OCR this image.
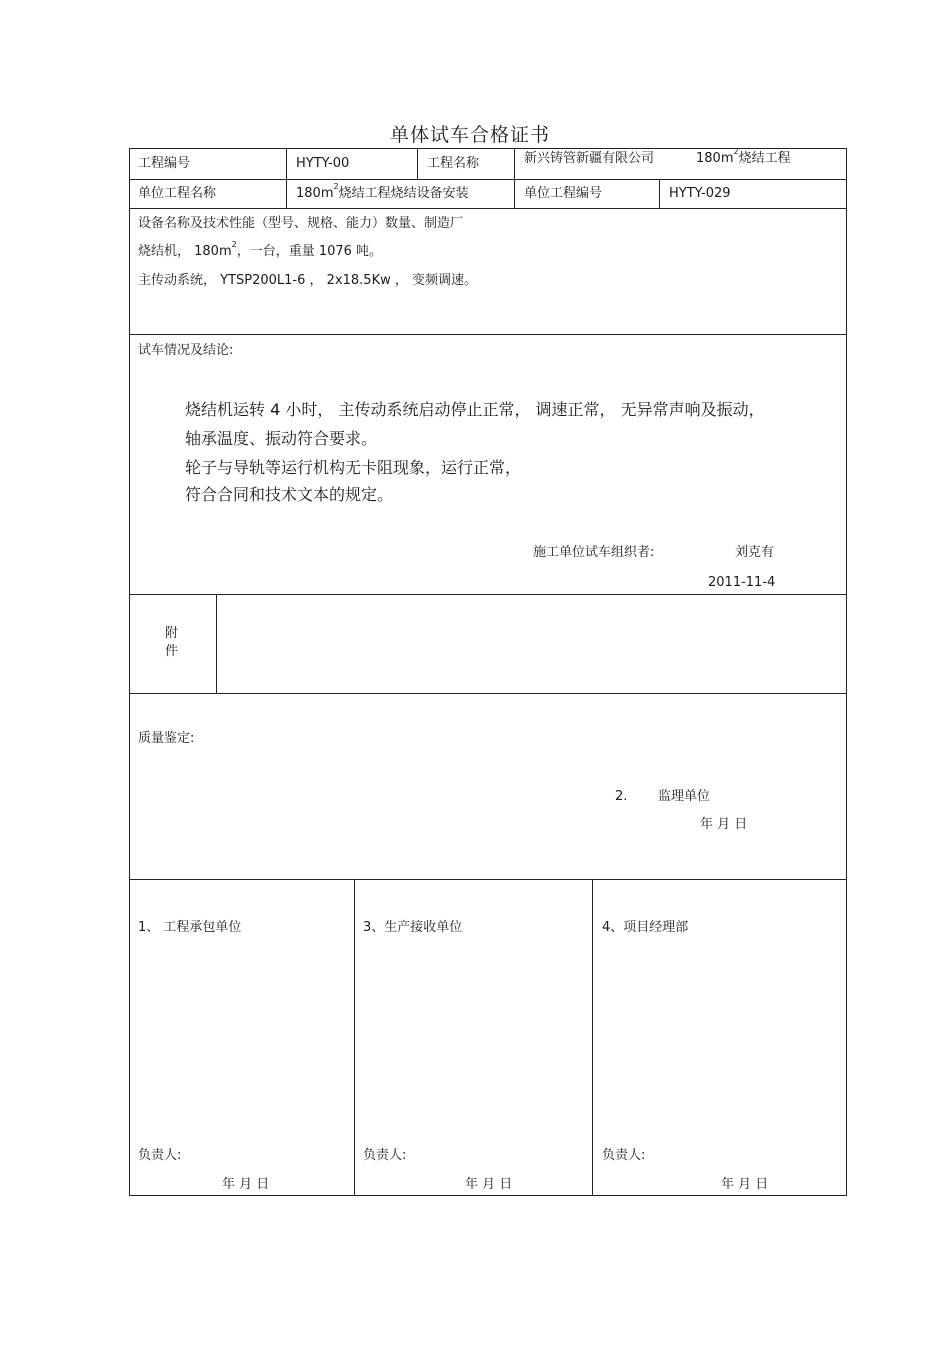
单体试车合格证书
工程编号	HYTY-00	工程名称	新兴铸管新疆有限公司	$180m^2$烧结工程
单位工程名称	$180m^2$烧结工程烧结设备安装	单位工程编号	HYTY-029
设备名称及技术性能（型号、规格、能力）数量、制造厂
烧结机， $180m^2$，一台，重量 1076 吨。
主传动系统， YTSP200L1-6 ， 2x18.5Kw ， 变频调速。
试车情况及结论:
烧结机运转 4 小时， 主传动系统启动停止正常， 调速正常， 无异常声响及振动，
轴承温度、振动符合要求。
轮子与导轨等运行机构无卡阻现象，运行正常，
符合合同和技术文本的规定。
施工单位试车组织者:	刘克有
2011-11-4
附
件
质量鉴定:
2. 监理单位
年 月 日
1、 工程承包单位
负责人:
年 月 日
3、生产接收单位
负责人:
年 月 日
4、项目经理部
负责人:
年 月 日
